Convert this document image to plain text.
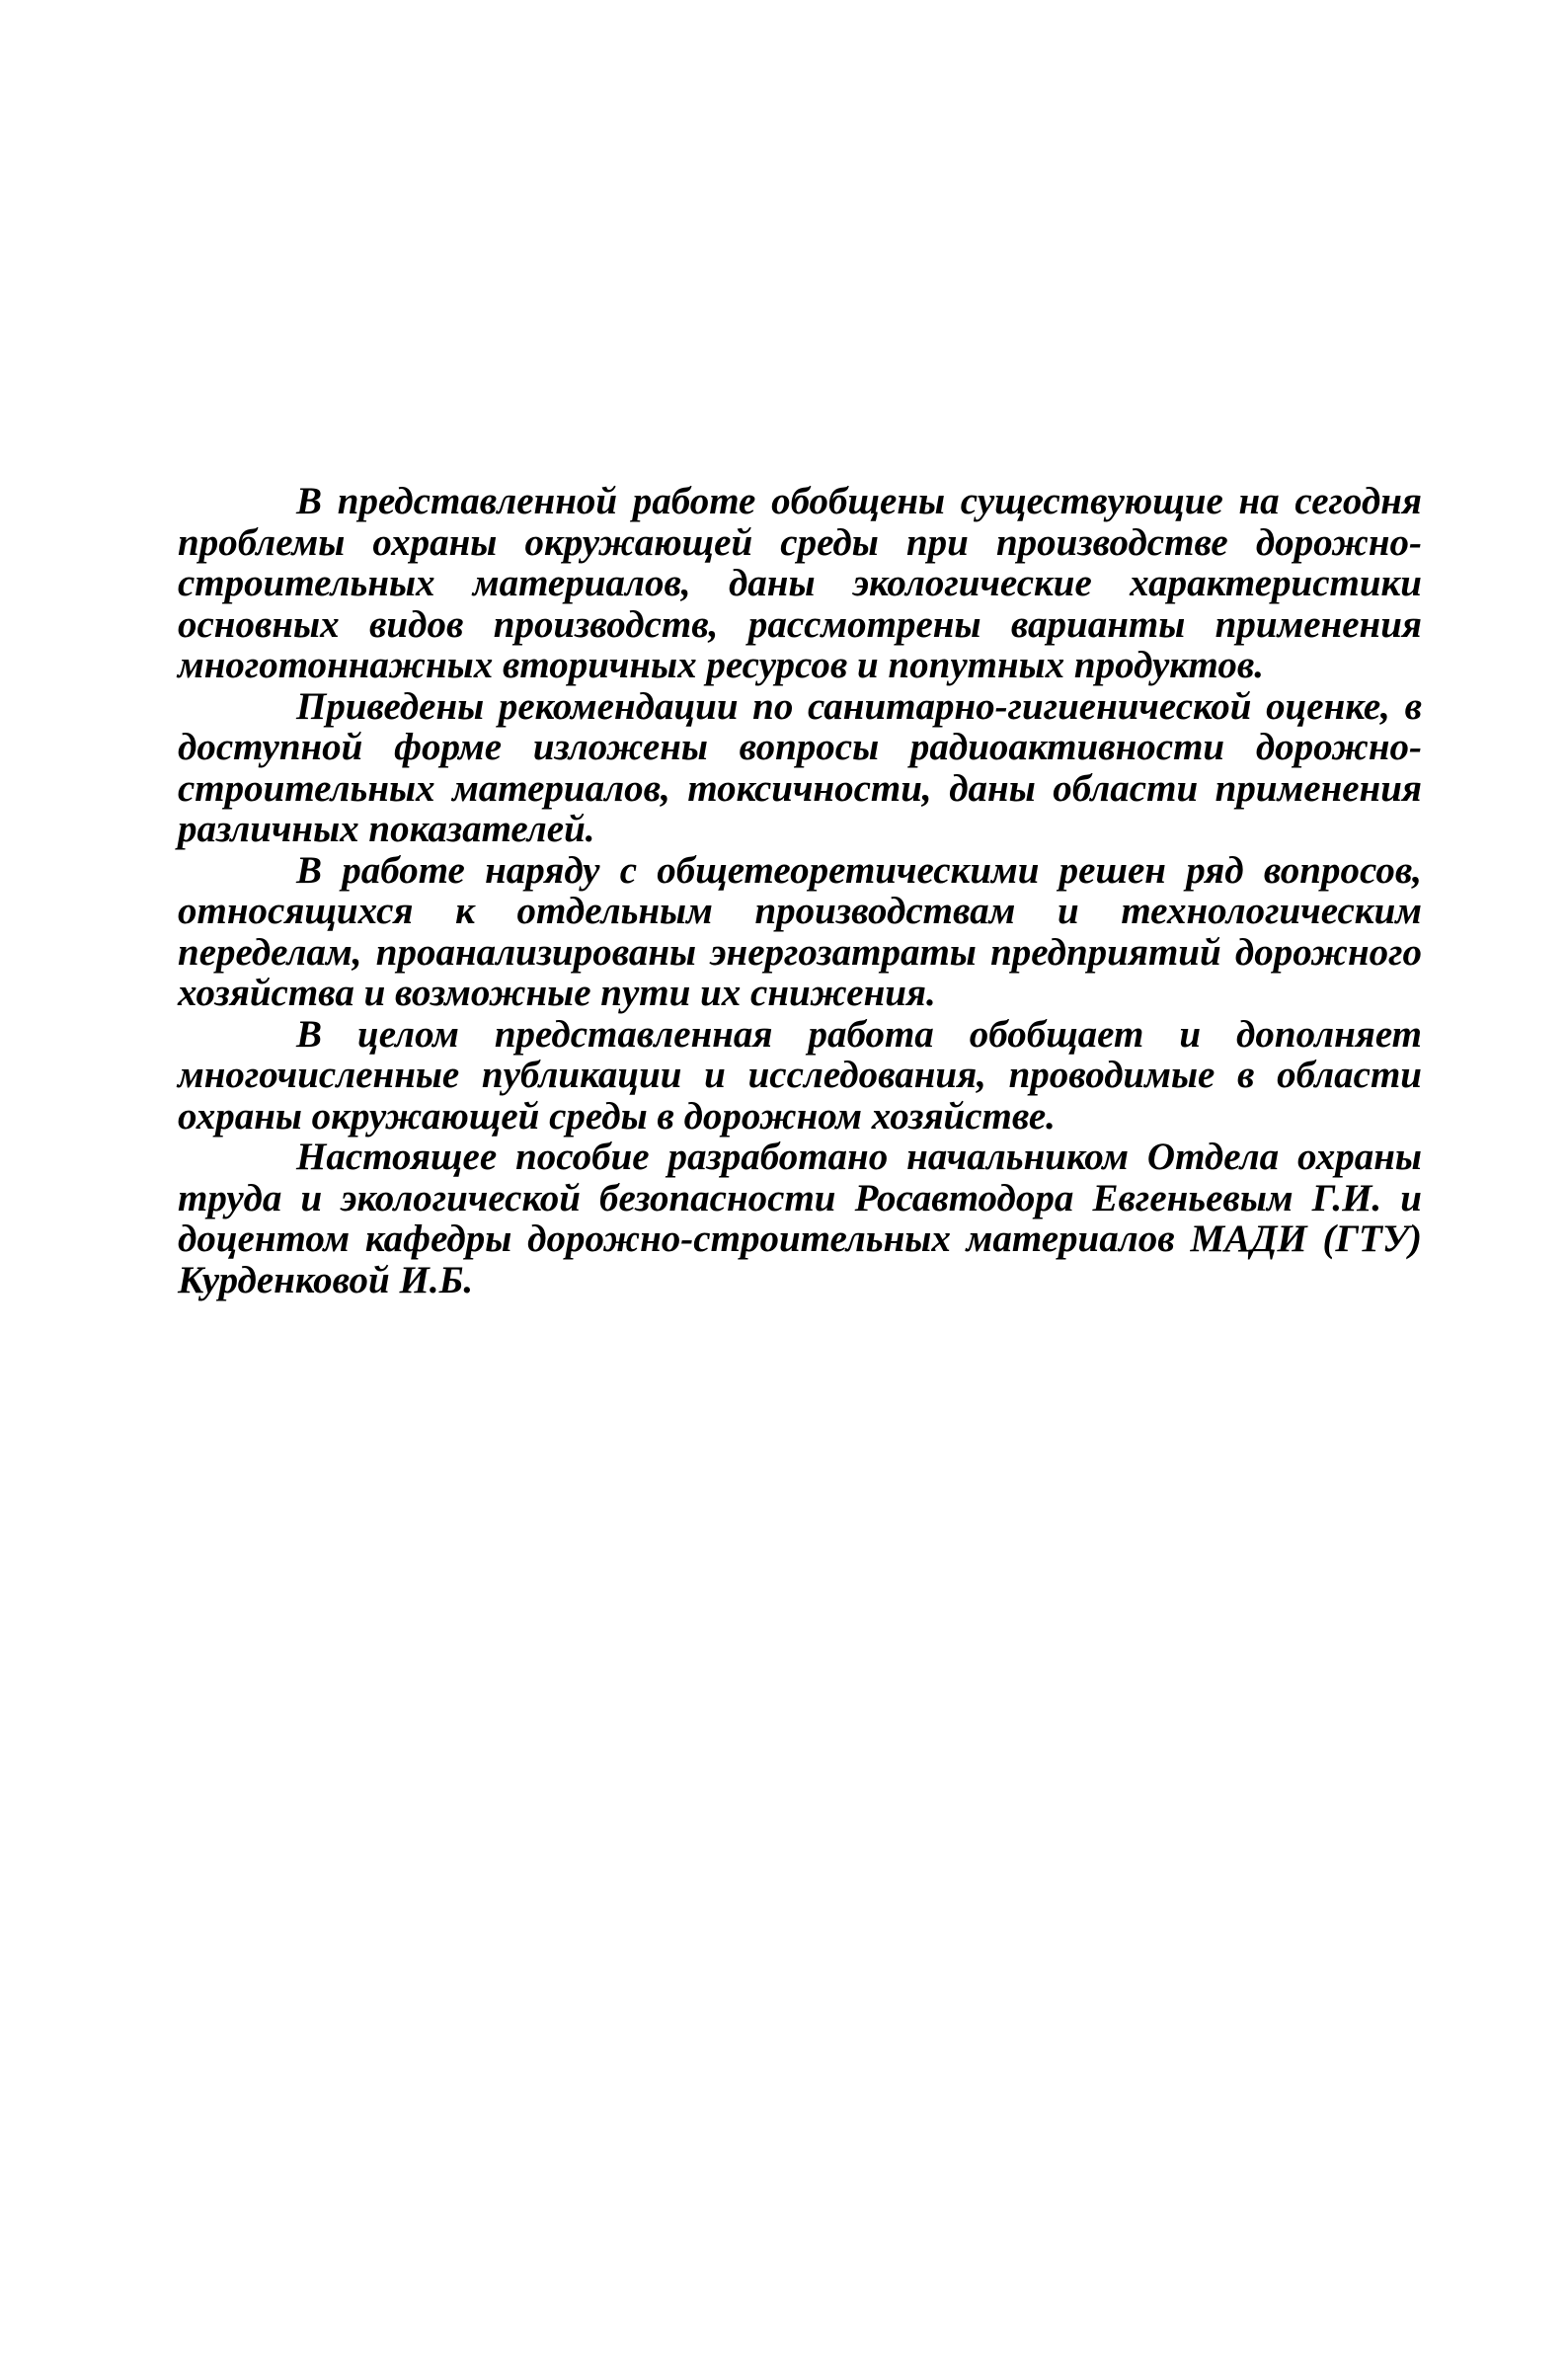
В представленной работе обобщены существующие на сегодня проблемы охраны окружающей среды при производстве дорожно-строительных материалов, даны экологические характеристики основных видов производств, рассмотрены варианты применения многотоннажных вторичных ресурсов и попутных продуктов.

Приведены рекомендации по санитарно-гигиенической оценке, в доступной форме изложены вопросы радиоактивности дорожно-строительных материалов, токсичности, даны области применения различных показателей.

В работе наряду с общетеоретическими решен ряд вопросов, относящихся к отдельным производствам и технологическим переделам, проанализированы энергозатраты предприятий дорожного хозяйства и возможные пути их снижения.

В целом представленная работа обобщает и дополняет многочисленные публикации и исследования, проводимые в области охраны окружающей среды в дорожном хозяйстве.

Настоящее пособие разработано начальником Отдела охраны труда и экологической безопасности Росавтодора Евгеньевым Г.И. и доцентом кафедры дорожно-строительных материалов МАДИ (ГТУ) Курденковой И.Б.
